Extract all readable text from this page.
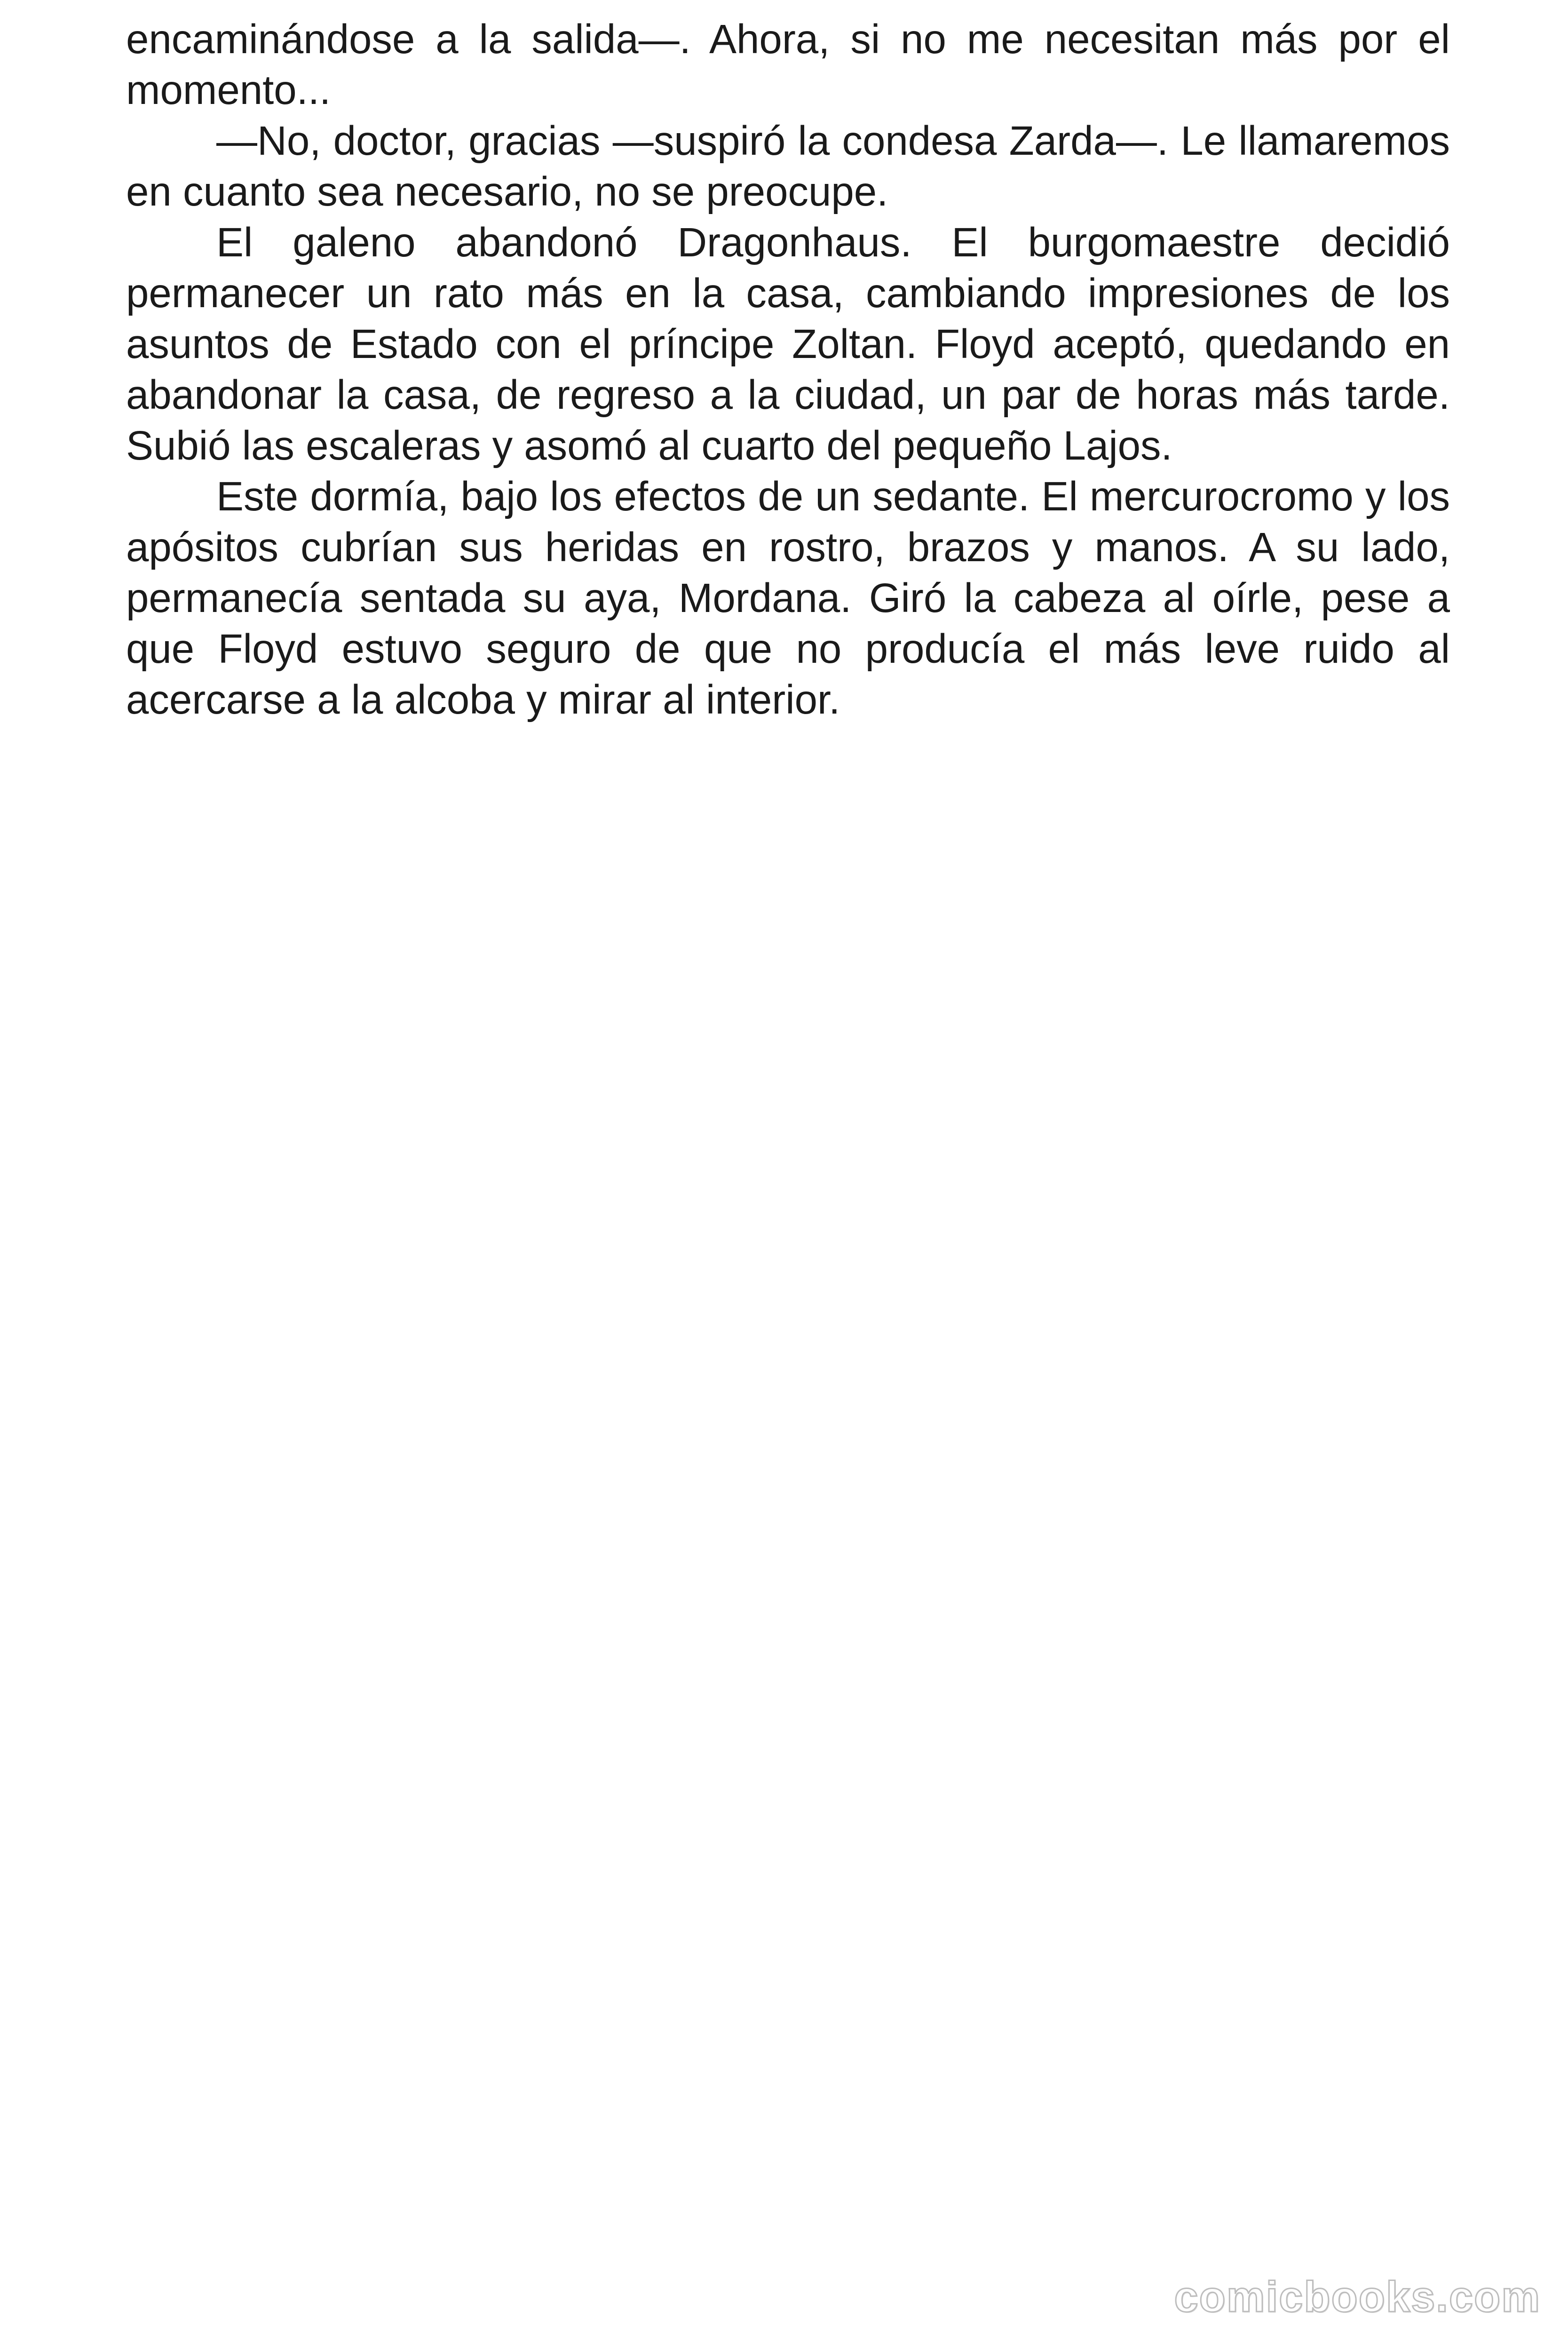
encaminándose a la salida—. Ahora, si no me necesitan más por el momento...

—No, doctor, gracias —suspiró la condesa Zarda—. Le llamaremos en cuanto sea necesario, no se preocupe.

El galeno abandonó Dragonhaus. El burgomaestre decidió permanecer un rato más en la casa, cambiando impresiones de los asuntos de Estado con el príncipe Zoltan. Floyd aceptó, quedando en abandonar la casa, de regreso a la ciudad, un par de horas más tarde. Subió las escaleras y asomó al cuarto del pequeño Lajos.

Este dormía, bajo los efectos de un sedante. El mercurocromo y los apósitos cubrían sus heridas en rostro, brazos y manos. A su lado, permanecía sentada su aya, Mordana. Giró la cabeza al oírle, pese a que Floyd estuvo seguro de que no producía el más leve ruido al acercarse a la alcoba y mirar al interior.

comicbooks.com
